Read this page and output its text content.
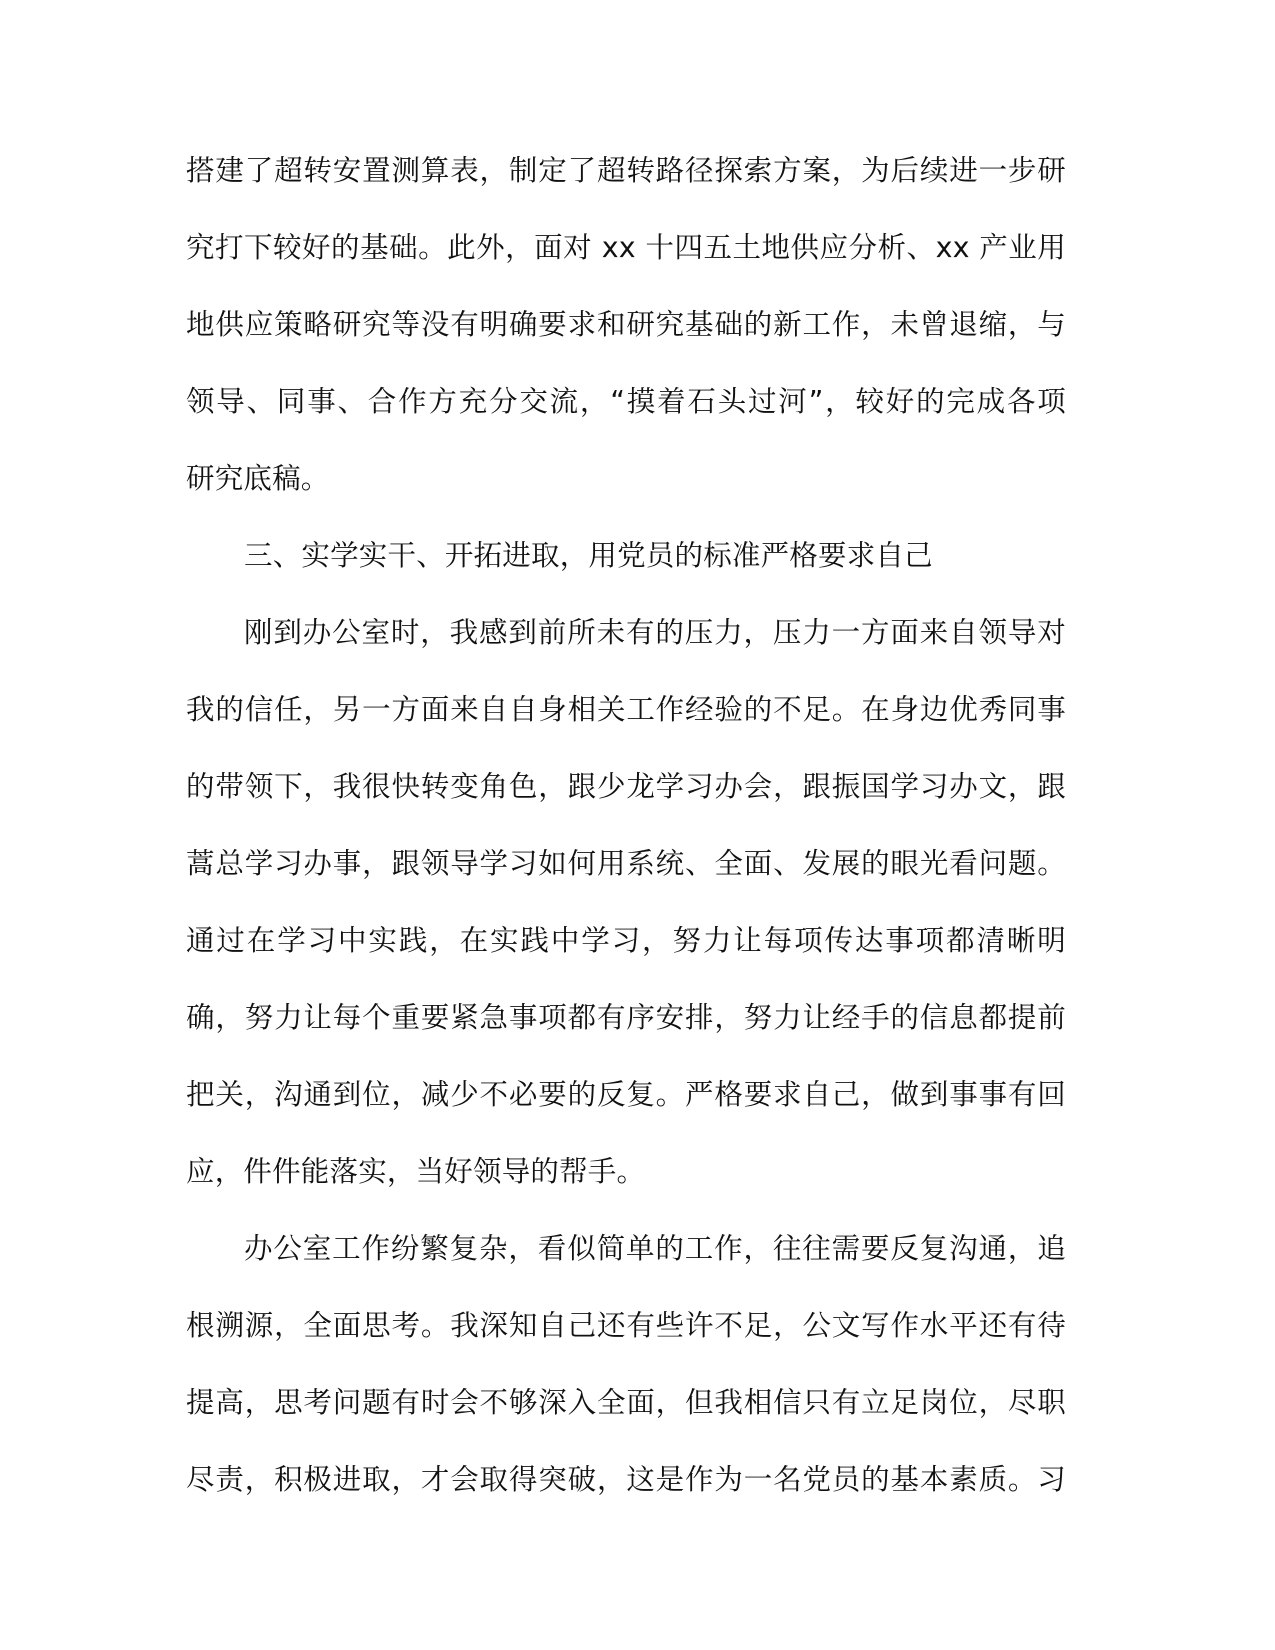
搭建了超转安置测算表，制定了超转路径探索方案，为后续进一步研
究打下较好的基础。此外，面对 xx 十四五土地供应分析、xx 产业用
地供应策略研究等没有明确要求和研究基础的新工作，未曾退缩，与
领导、同事、合作方充分交流，“摸着石头过河”，较好的完成各项
研究底稿。
三、实学实干、开拓进取，用党员的标准严格要求自己
刚到办公室时，我感到前所未有的压力，压力一方面来自领导对
我的信任，另一方面来自自身相关工作经验的不足。在身边优秀同事
的带领下，我很快转变角色，跟少龙学习办会，跟振国学习办文，跟
蒿总学习办事，跟领导学习如何用系统、全面、发展的眼光看问题。
通过在学习中实践，在实践中学习，努力让每项传达事项都清晰明
确，努力让每个重要紧急事项都有序安排，努力让经手的信息都提前
把关，沟通到位，减少不必要的反复。严格要求自己，做到事事有回
应，件件能落实，当好领导的帮手。
办公室工作纷繁复杂，看似简单的工作，往往需要反复沟通，追
根溯源，全面思考。我深知自己还有些许不足，公文写作水平还有待
提高，思考问题有时会不够深入全面，但我相信只有立足岗位，尽职
尽责，积极进取，才会取得突破，这是作为一名党员的基本素质。习
